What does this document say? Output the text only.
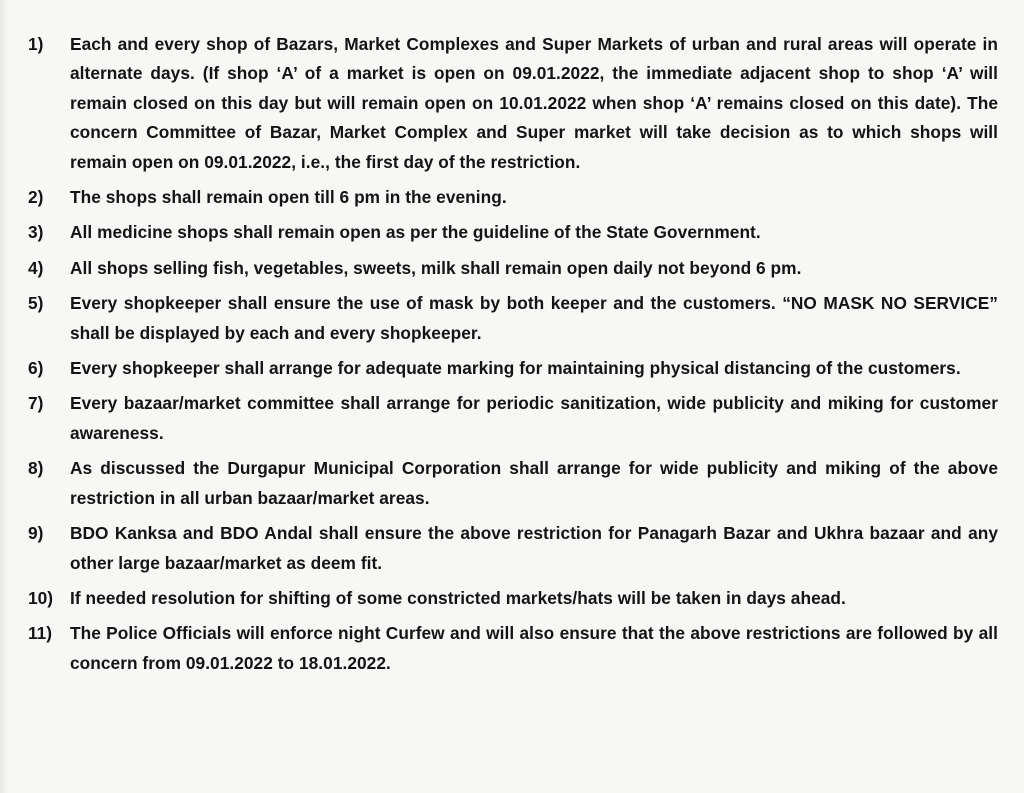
1)	Each and every shop of Bazars, Market Complexes and Super Markets of urban and rural areas will operate in alternate days. (If shop ‘A’ of a market is open on 09.01.2022, the immediate adjacent shop to shop ‘A’ will remain closed on this day but will remain open on 10.01.2022 when shop ‘A’ remains closed on this date). The concern Committee of Bazar, Market Complex and Super market will take decision as to which shops will remain open on 09.01.2022, i.e., the first day of the restriction.
2)	The shops shall remain open till 6 pm in the evening.
3)	All medicine shops shall remain open as per the guideline of the State Government.
4)	All shops selling fish, vegetables, sweets, milk shall remain open daily not beyond 6 pm.
5)	Every shopkeeper shall ensure the use of mask by both keeper and the customers. “NO MASK NO SERVICE” shall be displayed by each and every shopkeeper.
6)	Every shopkeeper shall arrange for adequate marking for maintaining physical distancing of the customers.
7)	Every bazaar/market committee shall arrange for periodic sanitization, wide publicity and miking for customer awareness.
8)	As discussed the Durgapur Municipal Corporation shall arrange for wide publicity and miking of the above restriction in all urban bazaar/market areas.
9)	BDO Kanksa and BDO Andal shall ensure the above restriction for Panagarh Bazar and Ukhra bazaar and any other large bazaar/market as deem fit.
10) If needed resolution for shifting of some constricted markets/hats will be taken in days ahead.
11)	The Police Officials will enforce night Curfew and will also ensure that the above restrictions are followed by all concern from 09.01.2022 to 18.01.2022.
